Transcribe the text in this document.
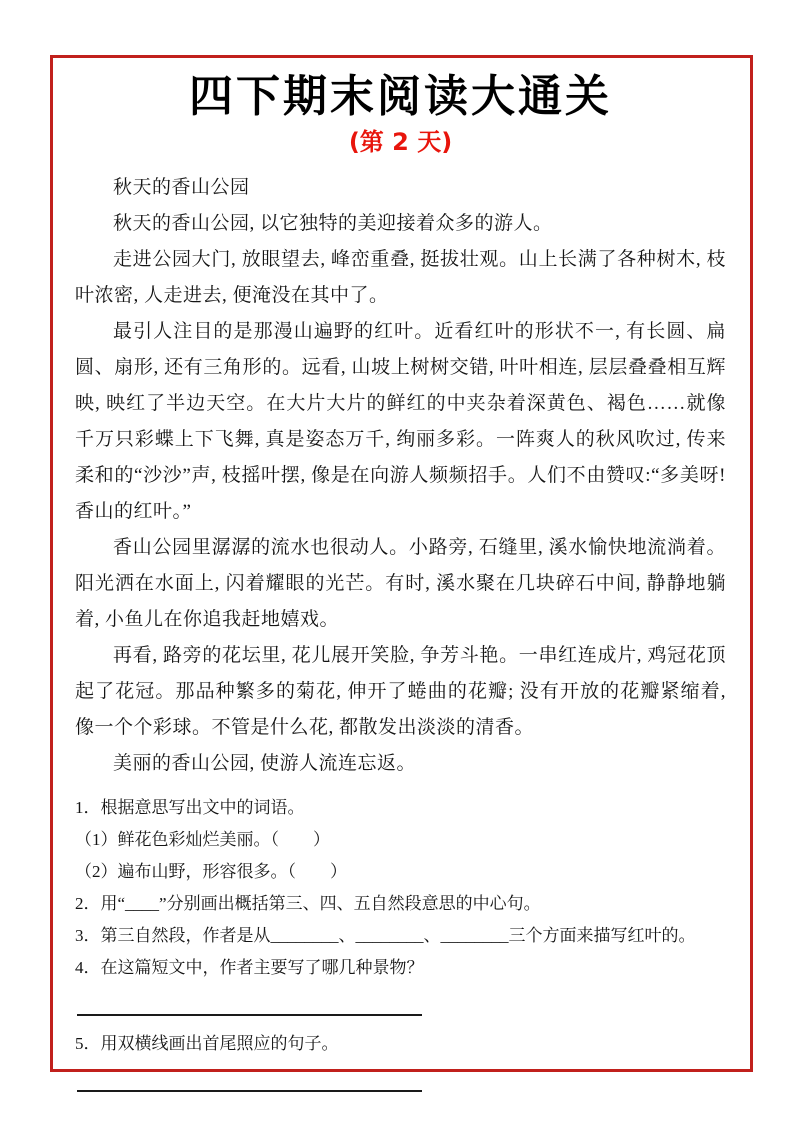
四下期末阅读大通关
(第 2 天)

秋天的香山公园

秋天的香山公园, 以它独特的美迎接着众多的游人。

走进公园大门, 放眼望去, 峰峦重叠, 挺拔壮观。山上长满了各种树木, 枝叶浓密, 人走进去, 便淹没在其中了。

最引人注目的是那漫山遍野的红叶。近看红叶的形状不一, 有长圆、扁圆、扇形, 还有三角形的。远看, 山坡上树树交错, 叶叶相连, 层层叠叠相互辉映, 映红了半边天空。在大片大片的鲜红的中夹杂着深黄色、褐色……就像千万只彩蝶上下飞舞, 真是姿态万千, 绚丽多彩。一阵爽人的秋风吹过, 传来柔和的“沙沙”声, 枝摇叶摆, 像是在向游人频频招手。人们不由赞叹:“多美呀!香山的红叶。”

香山公园里潺潺的流水也很动人。小路旁, 石缝里, 溪水愉快地流淌着。阳光洒在水面上, 闪着耀眼的光芒。有时, 溪水聚在几块碎石中间, 静静地躺着, 小鱼儿在你追我赶地嬉戏。

再看, 路旁的花坛里, 花儿展开笑脸, 争芳斗艳。一串红连成片, 鸡冠花顶起了花冠。那品种繁多的菊花, 伸开了蜷曲的花瓣; 没有开放的花瓣紧缩着, 像一个个彩球。不管是什么花, 都散发出淡淡的清香。

美丽的香山公园, 使游人流连忘返。

1．根据意思写出文中的词语。

（1）鲜花色彩灿烂美丽。（        ）

（2）遍布山野，形容很多。（        ）

2．用“____”分别画出概括第三、四、五自然段意思的中心句。

3．第三自然段，作者是从________、________、________三个方面来描写红叶的。

4．在这篇短文中，作者主要写了哪几种景物？

5．用双横线画出首尾照应的句子。
